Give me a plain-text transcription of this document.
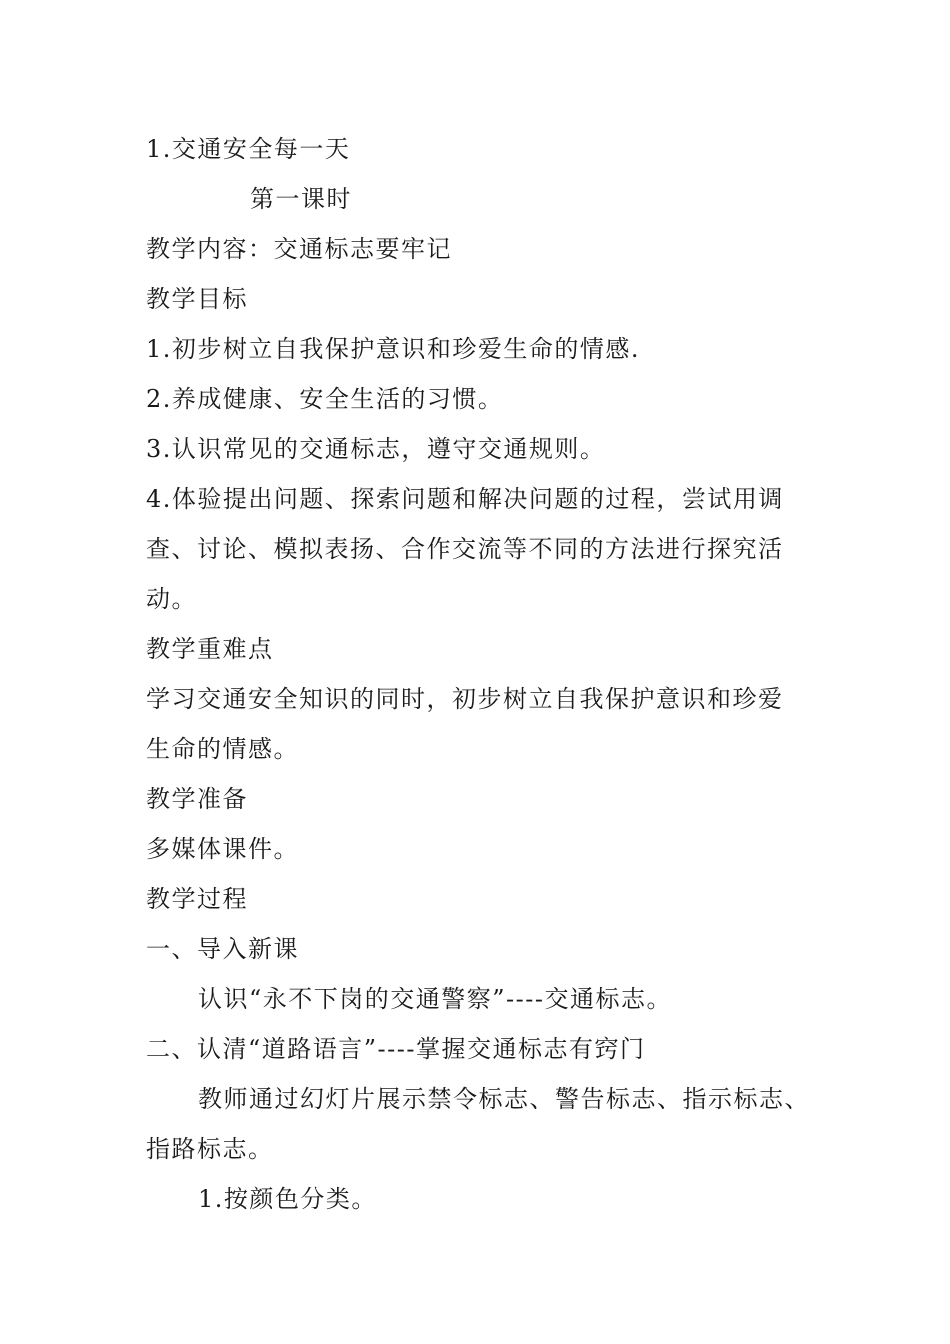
1.交通安全每一天
第一课时
教学内容：交通标志要牢记
教学目标
1.初步树立自我保护意识和珍爱生命的情感.
2.养成健康、安全生活的习惯。
3.认识常见的交通标志，遵守交通规则。
4.体验提出问题、探索问题和解决问题的过程，尝试用调
查、讨论、模拟表扬、合作交流等不同的方法进行探究活
动。
教学重难点
学习交通安全知识的同时，初步树立自我保护意识和珍爱
生命的情感。
教学准备
多媒体课件。
教学过程
一、导入新课
认识“永不下岗的交通警察”----交通标志。
二、认清“道路语言”----掌握交通标志有窍门
教师通过幻灯片展示禁令标志、警告标志、指示标志、
指路标志。
1.按颜色分类。
